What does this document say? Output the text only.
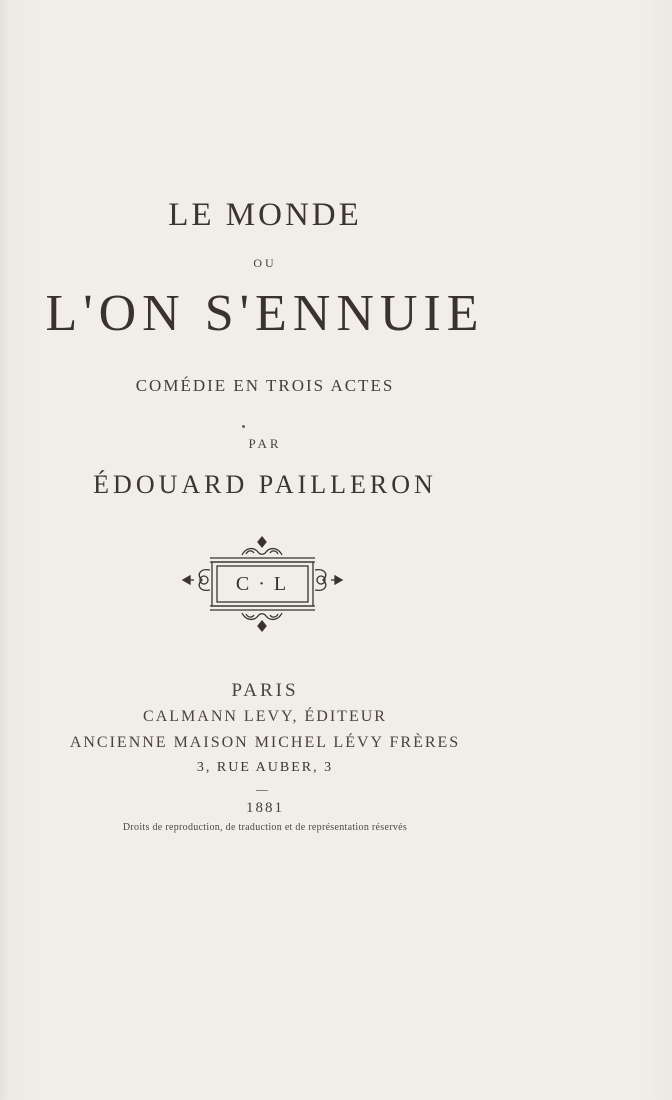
LE MONDE
OU
L'ON S'ENNUIE
COMÉDIE EN TROIS ACTES
PAR
ÉDOUARD PAILLERON
C · L
PARIS
CALMANN LEVY, ÉDITEUR
ANCIENNE MAISON MICHEL LÉVY FRÈRES
3, RUE AUBER, 3
1881
Droits de reproduction, de traduction et de représentation réservés
